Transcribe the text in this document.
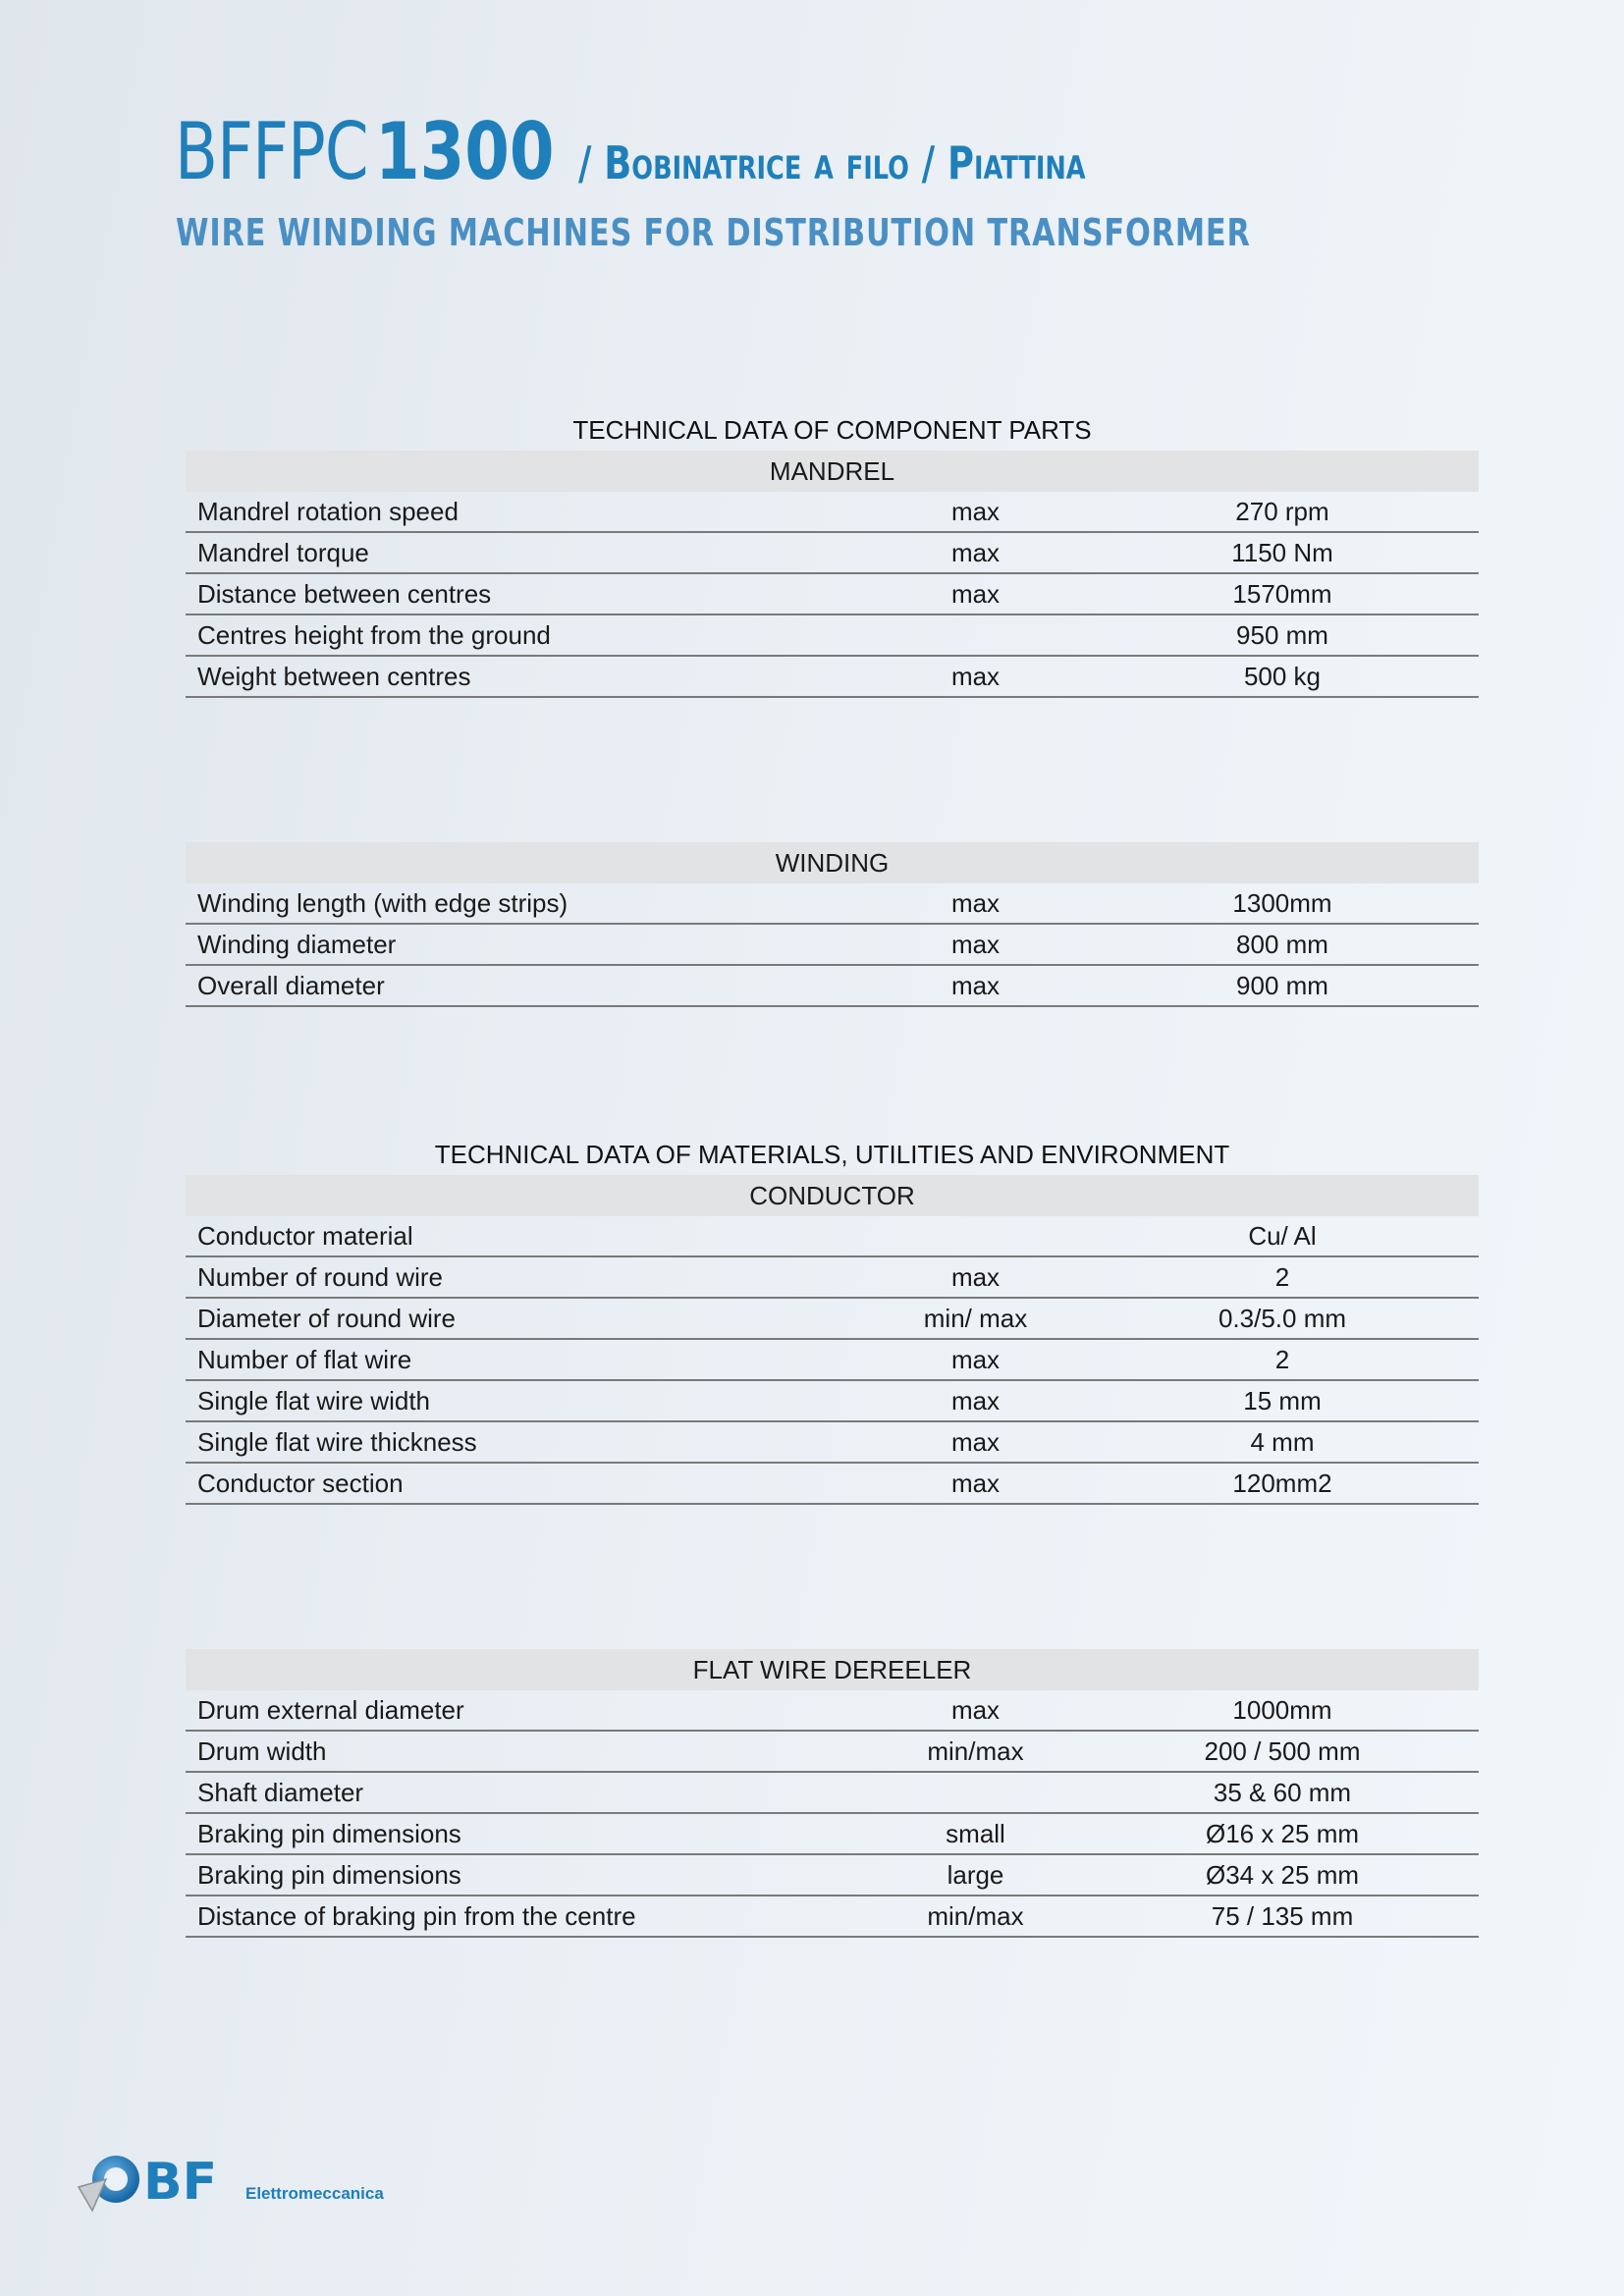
BFFPC 1300 / Bobinatrice a filo / Piattina
WIRE WINDING MACHINES FOR DISTRIBUTION TRANSFORMER
TECHNICAL DATA OF COMPONENT PARTS
MANDREL		
Mandrel rotation speed	max	270 rpm
Mandrel torque	max	1150 Nm
Distance between centres	max	1570mm
Centres height from the ground		950 mm
Weight between centres	max	500 kg
WINDING		
Winding length (with edge strips)	max	1300mm
Winding diameter	max	800 mm
Overall diameter	max	900 mm
TECHNICAL DATA OF MATERIALS, UTILITIES AND ENVIRONMENT
CONDUCTOR		
Conductor material		Cu/ Al
Number of round wire	max	2
Diameter of round wire	min/ max	0.3/5.0 mm
Number of flat wire	max	2
Single flat wire width	max	15 mm
Single flat wire thickness	max	4 mm
Conductor section	max	120mm2
FLAT WIRE DEREELER		
Drum external diameter	max	1000mm
Drum width	min/max	200 / 500 mm
Shaft diameter		35 & 60 mm
Braking pin dimensions	small	Ø16 x 25 mm
Braking pin dimensions	large	Ø34 x 25 mm
Distance of braking pin from the centre	min/max	75 / 135 mm
BF Elettromeccanica
